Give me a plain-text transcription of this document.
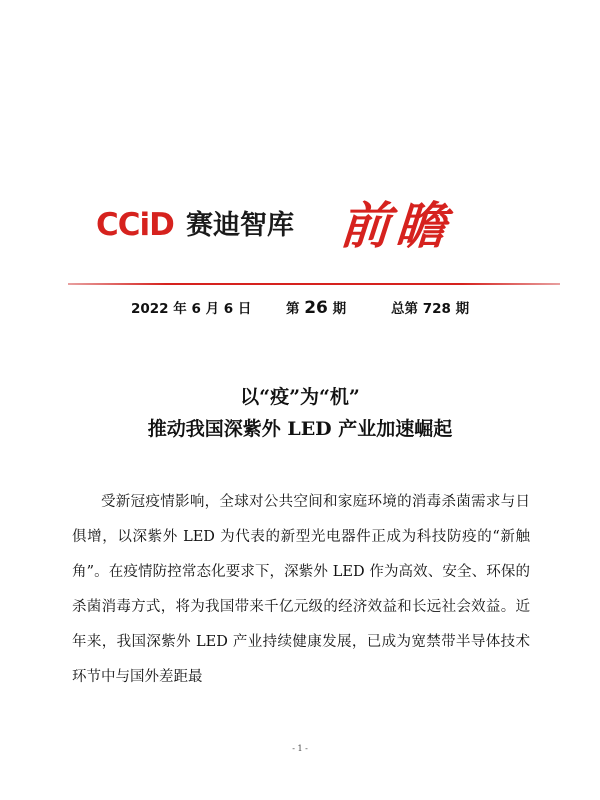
CCiD 赛迪智库 前瞻
2022 年 6 月 6 日	第 26 期	总第 728 期
以“疫”为“机”
推动我国深紫外 LED 产业加速崛起

受新冠疫情影响，全球对公共空间和家庭环境的消毒杀菌需求与日俱增，以深紫外 LED 为代表的新型光电器件正成为科技防疫的“新触角”。在疫情防控常态化要求下，深紫外 LED 作为高效、安全、环保的杀菌消毒方式，将为我国带来千亿元级的经济效益和长远社会效益。近年来，我国深紫外 LED 产业持续健康发展，已成为宽禁带半导体技术环节中与国外差距最

- 1 -
